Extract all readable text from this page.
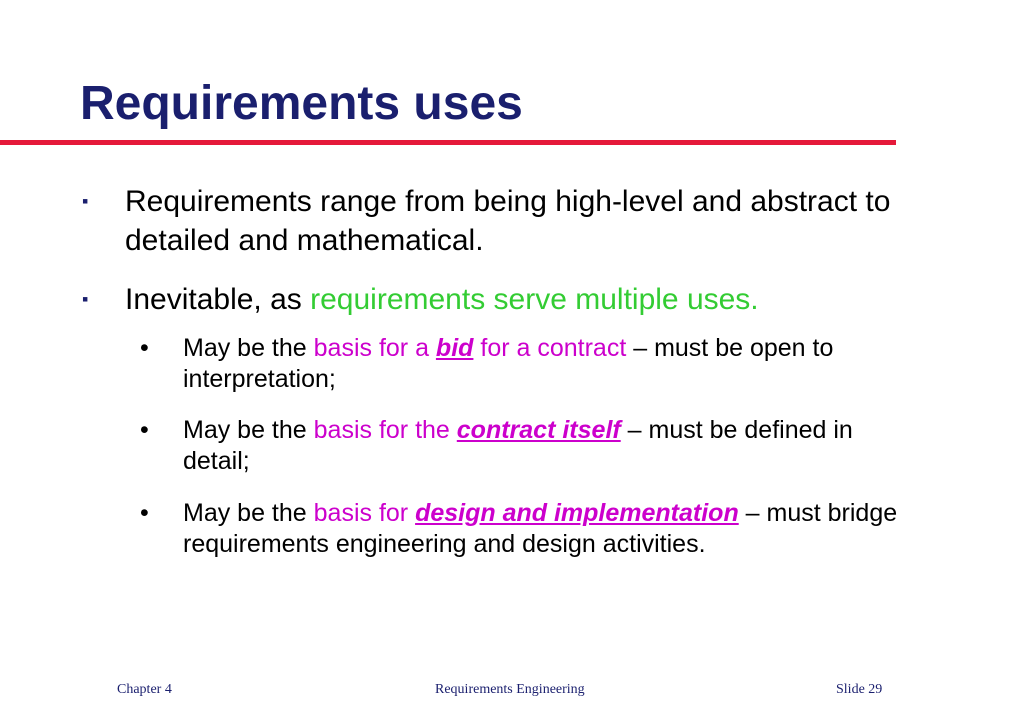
Requirements uses
▪ Requirements range from being high-level and abstract to detailed and mathematical.
▪ Inevitable, as requirements serve multiple uses.
• May be the basis for a bid for a contract – must be open to interpretation;
• May be the basis for the contract itself – must be defined in detail;
• May be the basis for design and implementation – must bridge requirements engineering and design activities.
Chapter 4	Requirements Engineering	Slide 29
